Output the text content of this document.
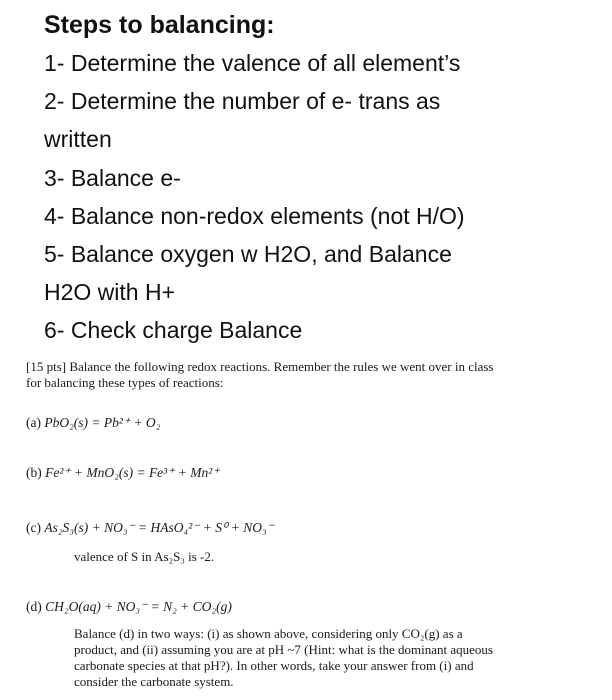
Steps to balancing:

1- Determine the valence of all element’s

2- Determine the number of e- trans as

written

3- Balance e-

4- Balance non-redox elements (not H/O)

5- Balance oxygen w H2O, and Balance

H2O with H+

6- Check charge Balance

[15 pts] Balance the following redox reactions. Remember the rules we went over in class

for balancing these types of reactions:

(a) PbO₂(s) = Pb²⁺ + O₂

(b) Fe²⁺ + MnO₂(s) = Fe³⁺ + Mn²⁺

(c) As₂S₃(s) + NO₃⁻ = HAsO₄²⁻ + S⁰ + NO₃⁻

valence of S in As₂S₃ is -2.

(d) CH₂O(aq) + NO₃⁻ = N₂ + CO₂(g)

Balance (d) in two ways: (i) as shown above, considering only CO₂(g) as a

product, and (ii) assuming you are at pH ~7 (Hint: what is the dominant aqueous

carbonate species at that pH?). In other words, take your answer from (i) and

consider the carbonate system.
